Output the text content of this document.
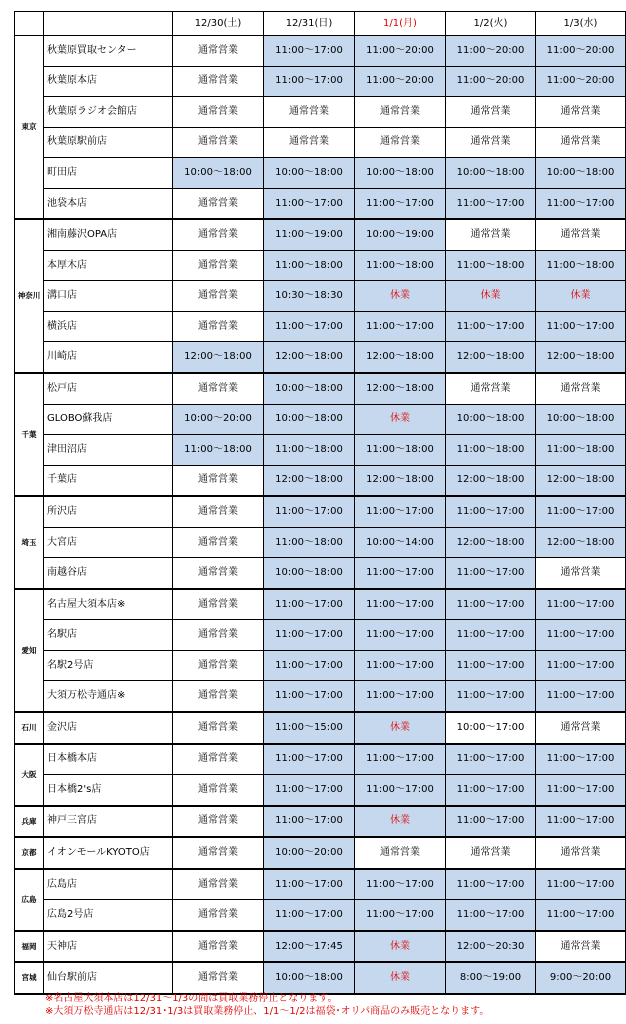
		12/30(土)	12/31(日)	1/1(月)	1/2(火)	1/3(水)
東京	秋葉原買取センター	通常営業	11:00～17:00	11:00～20:00	11:00～20:00	11:00～20:00
	秋葉原本店	通常営業	11:00～17:00	11:00～20:00	11:00～20:00	11:00～20:00
	秋葉原ラジオ会館店	通常営業	通常営業	通常営業	通常営業	通常営業
	秋葉原駅前店	通常営業	通常営業	通常営業	通常営業	通常営業
	町田店	10:00～18:00	10:00～18:00	10:00～18:00	10:00～18:00	10:00～18:00
	池袋本店	通常営業	11:00～17:00	11:00～17:00	11:00～17:00	11:00～17:00
神奈川	湘南藤沢OPA店	通常営業	11:00～19:00	10:00～19:00	通常営業	通常営業
	本厚木店	通常営業	11:00～18:00	11:00～18:00	11:00～18:00	11:00～18:00
	溝口店	通常営業	10:30～18:30	休業	休業	休業
	横浜店	通常営業	11:00～17:00	11:00～17:00	11:00～17:00	11:00～17:00
	川崎店	12:00～18:00	12:00～18:00	12:00～18:00	12:00～18:00	12:00～18:00
千葉	松戸店	通常営業	10:00～18:00	12:00～18:00	通常営業	通常営業
	GLOBO蘇我店	10:00～20:00	10:00～18:00	休業	10:00～18:00	10:00～18:00
	津田沼店	11:00～18:00	11:00～18:00	11:00～18:00	11:00～18:00	11:00～18:00
	千葉店	通常営業	12:00～18:00	12:00～18:00	12:00～18:00	12:00～18:00
埼玉	所沢店	通常営業	11:00～17:00	11:00～17:00	11:00～17:00	11:00～17:00
	大宮店	通常営業	11:00～18:00	10:00～14:00	12:00～18:00	12:00～18:00
	南越谷店	通常営業	10:00～18:00	11:00～17:00	11:00～17:00	通常営業
愛知	名古屋大須本店※	通常営業	11:00～17:00	11:00～17:00	11:00～17:00	11:00～17:00
	名駅店	通常営業	11:00～17:00	11:00～17:00	11:00～17:00	11:00～17:00
	名駅2号店	通常営業	11:00～17:00	11:00～17:00	11:00～17:00	11:00～17:00
	大須万松寺通店※	通常営業	11:00～17:00	11:00～17:00	11:00～17:00	11:00～17:00
石川	金沢店	通常営業	11:00～15:00	休業	10:00～17:00	通常営業
大阪	日本橋本店	通常営業	11:00～17:00	11:00～17:00	11:00～17:00	11:00～17:00
	日本橋2's店	通常営業	11:00～17:00	11:00～17:00	11:00～17:00	11:00～17:00
兵庫	神戸三宮店	通常営業	11:00～17:00	休業	11:00～17:00	11:00～17:00
京都	イオンモールKYOTO店	通常営業	10:00～20:00	通常営業	通常営業	通常営業
広島	広島店	通常営業	11:00～17:00	11:00～17:00	11:00～17:00	11:00～17:00
	広島2号店	通常営業	11:00～17:00	11:00～17:00	11:00～17:00	11:00～17:00
福岡	天神店	通常営業	12:00～17:45	休業	12:00～20:30	通常営業
宮城	仙台駅前店	通常営業	10:00～18:00	休業	8:00～19:00	9:00～20:00
※名古屋大須本店は12/31～1/3の間は買取業務停止となります。
※大須万松寺通店は12/31･1/3は買取業務停止、1/1～1/2は福袋･オリパ商品のみ販売となります。
